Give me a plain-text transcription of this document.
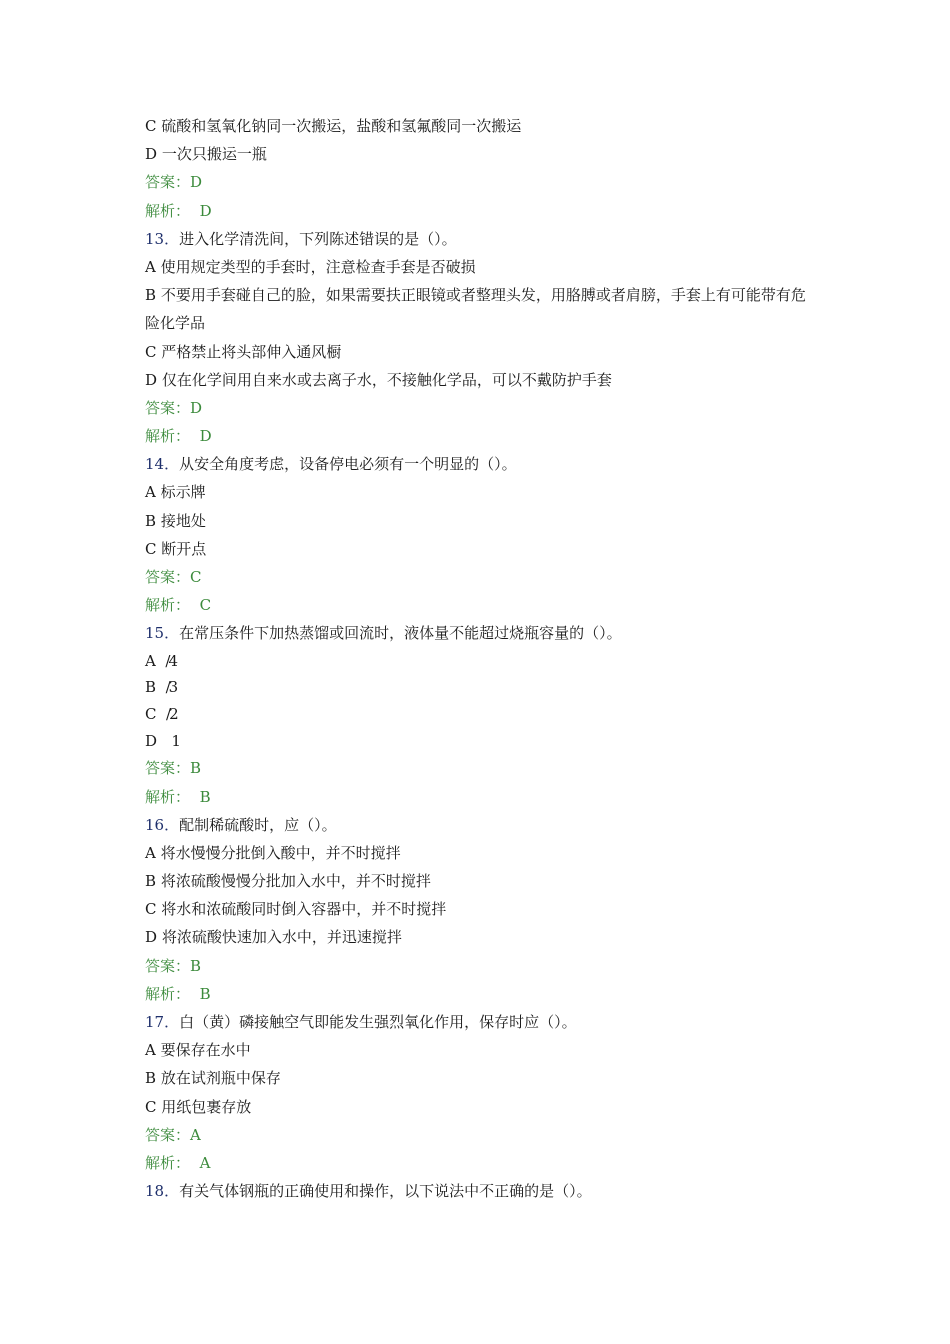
C 硫酸和氢氧化钠同一次搬运，盐酸和氢氟酸同一次搬运
D 一次只搬运一瓶
答案：D
解析： D
13．进入化学清洗间，下列陈述错误的是（）。
A 使用规定类型的手套时，注意检查手套是否破损
B 不要用手套碰自己的脸，如果需要扶正眼镜或者整理头发，用胳膊或者肩膀，手套上有可能带有危险化学品
C 严格禁止将头部伸入通风橱
D 仅在化学间用自来水或去离子水，不接触化学品，可以不戴防护手套
答案：D
解析： D
14．从安全角度考虑，设备停电必须有一个明显的（）。
A 标示牌
B 接地处
C 断开点
答案：C
解析： C
15．在常压条件下加热蒸馏或回流时，液体量不能超过烧瓶容量的（）。
A /4
B /3
C /2
D 1
答案：B
解析： B
16．配制稀硫酸时，应（）。
A 将水慢慢分批倒入酸中，并不时搅拌
B 将浓硫酸慢慢分批加入水中，并不时搅拌
C 将水和浓硫酸同时倒入容器中，并不时搅拌
D 将浓硫酸快速加入水中，并迅速搅拌
答案：B
解析： B
17．白（黄）磷接触空气即能发生强烈氧化作用，保存时应（）。
A 要保存在水中
B 放在试剂瓶中保存
C 用纸包裹存放
答案：A
解析： A
18．有关气体钢瓶的正确使用和操作，以下说法中不正确的是（）。
